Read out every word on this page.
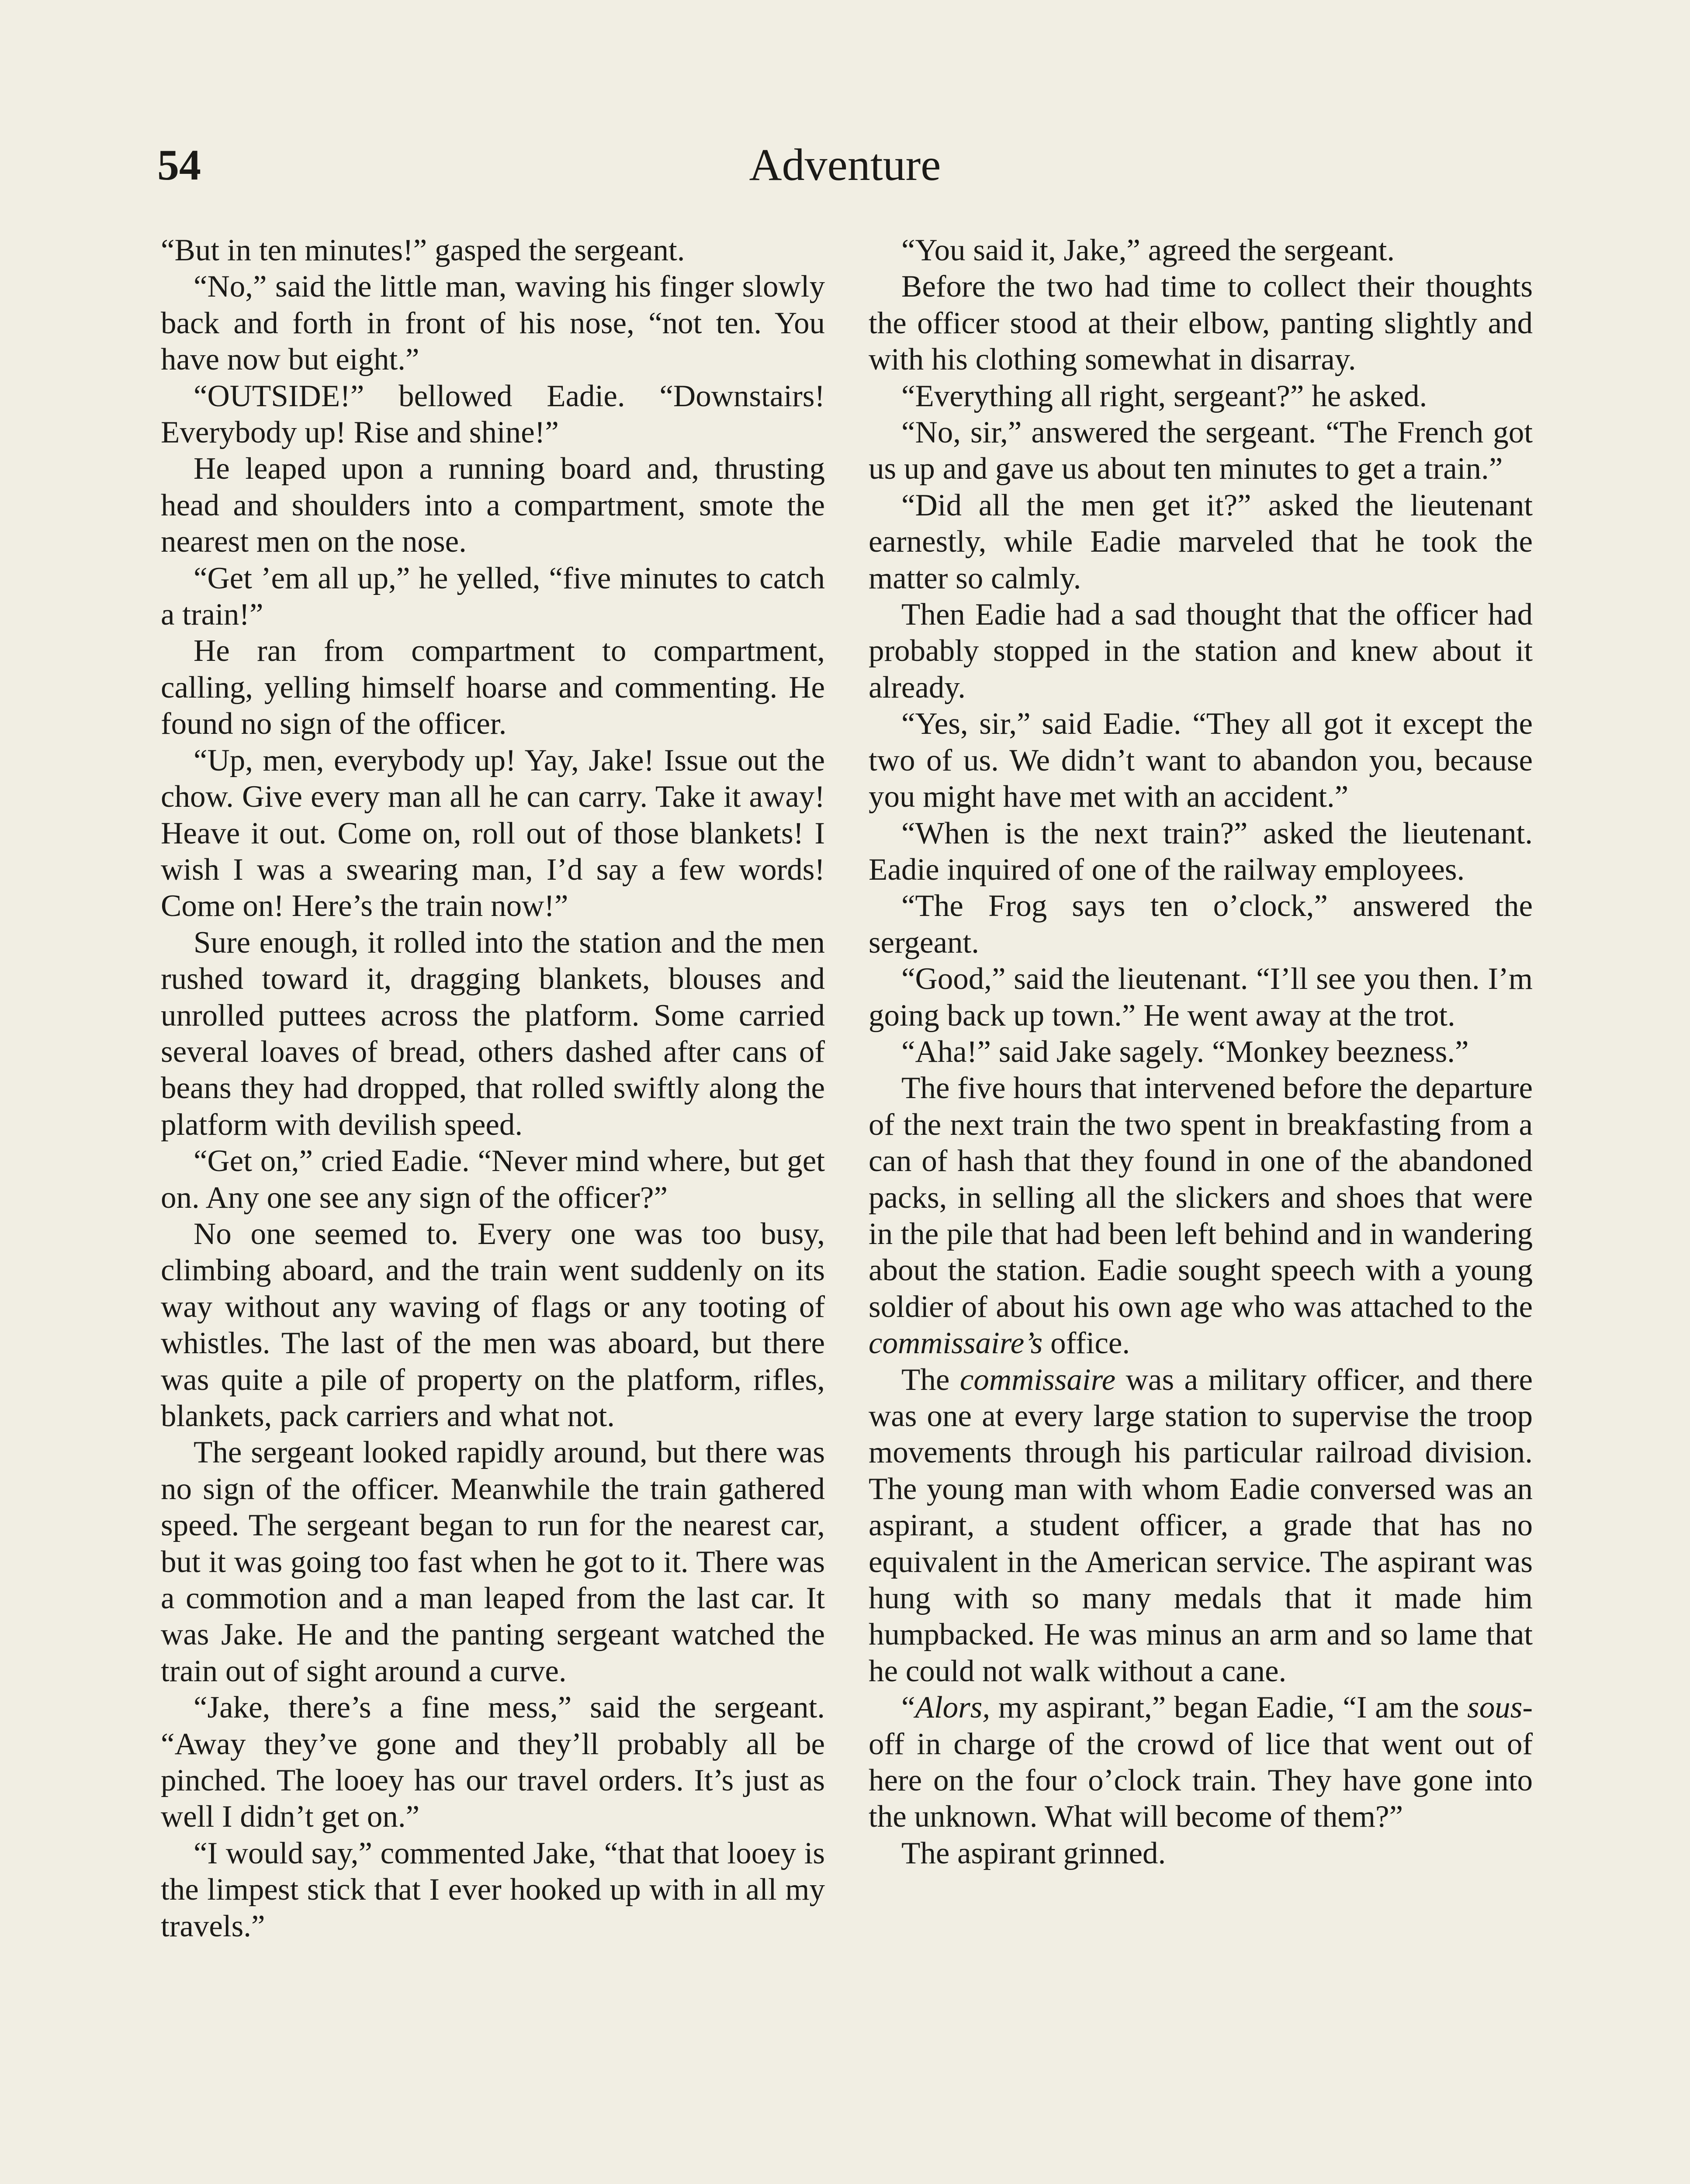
54	Adventure

“But in ten minutes!” gasped the sergeant.

“No,” said the little man, waving his finger slowly back and forth in front of his nose, “not ten. You have now but eight.”

“OUTSIDE!” bellowed Eadie. “Downstairs! Everybody up! Rise and shine!”

He leaped upon a running board and, thrusting head and shoulders into a compartment, smote the nearest men on the nose.

“Get ’em all up,” he yelled, “five minutes to catch a train!”

He ran from compartment to compartment, calling, yelling himself hoarse and commenting. He found no sign of the officer.

“Up, men, everybody up! Yay, Jake! Issue out the chow. Give every man all he can carry. Take it away! Heave it out. Come on, roll out of those blankets! I wish I was a swearing man, I’d say a few words! Come on! Here’s the train now!”

Sure enough, it rolled into the station and the men rushed toward it, dragging blankets, blouses and unrolled puttees across the platform. Some carried several loaves of bread, others dashed after cans of beans they had dropped, that rolled swiftly along the platform with devilish speed.

“Get on,” cried Eadie. “Never mind where, but get on. Any one see any sign of the officer?”

No one seemed to. Every one was too busy, climbing aboard, and the train went suddenly on its way without any waving of flags or any tooting of whistles. The last of the men was aboard, but there was quite a pile of property on the platform, rifles, blankets, pack carriers and what not.

The sergeant looked rapidly around, but there was no sign of the officer. Meanwhile the train gathered speed. The sergeant began to run for the nearest car, but it was going too fast when he got to it. There was a commotion and a man leaped from the last car. It was Jake. He and the panting sergeant watched the train out of sight around a curve.

“Jake, there’s a fine mess,” said the sergeant. “Away they’ve gone and they’ll probably all be pinched. The looey has our travel orders. It’s just as well I didn’t get on.”

“I would say,” commented Jake, “that that looey is the limpest stick that I ever hooked up with in all my travels.”

“You said it, Jake,” agreed the sergeant.

Before the two had time to collect their thoughts the officer stood at their elbow, panting slightly and with his clothing somewhat in disarray.

“Everything all right, sergeant?” he asked.

“No, sir,” answered the sergeant. “The French got us up and gave us about ten minutes to get a train.”

“Did all the men get it?” asked the lieutenant earnestly, while Eadie marveled that he took the matter so calmly.

Then Eadie had a sad thought that the officer had probably stopped in the station and knew about it already.

“Yes, sir,” said Eadie. “They all got it except the two of us. We didn’t want to abandon you, because you might have met with an accident.”

“When is the next train?” asked the lieutenant. Eadie inquired of one of the railway employees.

“The Frog says ten o’clock,” answered the sergeant.

“Good,” said the lieutenant. “I’ll see you then. I’m going back up town.” He went away at the trot.

“Aha!” said Jake sagely. “Monkey beezness.”

The five hours that intervened before the departure of the next train the two spent in breakfasting from a can of hash that they found in one of the abandoned packs, in selling all the slickers and shoes that were in the pile that had been left behind and in wandering about the station. Eadie sought speech with a young soldier of about his own age who was attached to the commissaire’s office.

The commissaire was a military officer, and there was one at every large station to supervise the troop movements through his particular railroad division. The young man with whom Eadie conversed was an aspirant, a student officer, a grade that has no equivalent in the American service. The aspirant was hung with so many medals that it made him humpbacked. He was minus an arm and so lame that he could not walk without a cane.

“Alors, my aspirant,” began Eadie, “I am the sous-off in charge of the crowd of lice that went out of here on the four o’clock train. They have gone into the unknown. What will become of them?”

The aspirant grinned.
